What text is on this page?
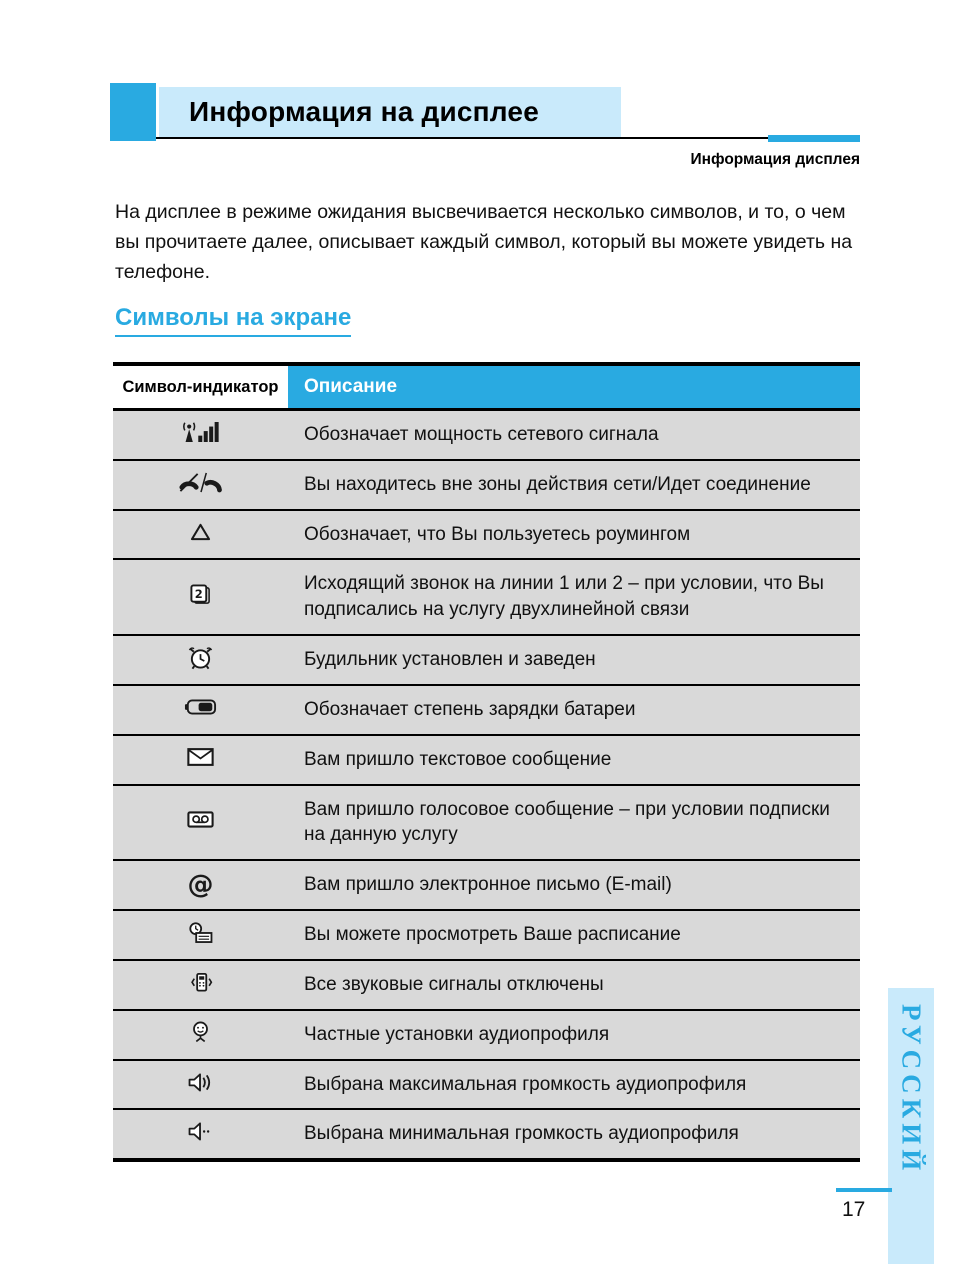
Информация на дисплее
Информация дисплея

На дисплее в режиме ожидания высвечивается несколько символов, и то, о чем вы прочитаете далее, описывает каждый символ, который вы можете увидеть на телефоне.

Символы на экране
Символ-индикатор	Описание

	Обозначает мощность сетевого сигнала

	Вы находитесь вне зоны действия сети/Идет соединение

	Обозначает, что Вы пользуетесь роумингом

2	Исходящий звонок на линии 1 или 2 – при условии, что Вы подписались на услугу двухлинейной связи

	Будильник установлен и заведен

	Обозначает степень зарядки батареи

	Вам пришло текстовое сообщение

	Вам пришло голосовое сообщение – при условии подписки на данную услугу

@	Вам пришло электронное письмо (E-mail)

	Вы можете просмотреть Ваше расписание

	Все звуковые сигналы отключены

	Частные установки аудиопрофиля

	Выбрана максимальная громкость аудиопрофиля

	Выбрана минимальная громкость аудиопрофиля	РУССКИЙ
17
